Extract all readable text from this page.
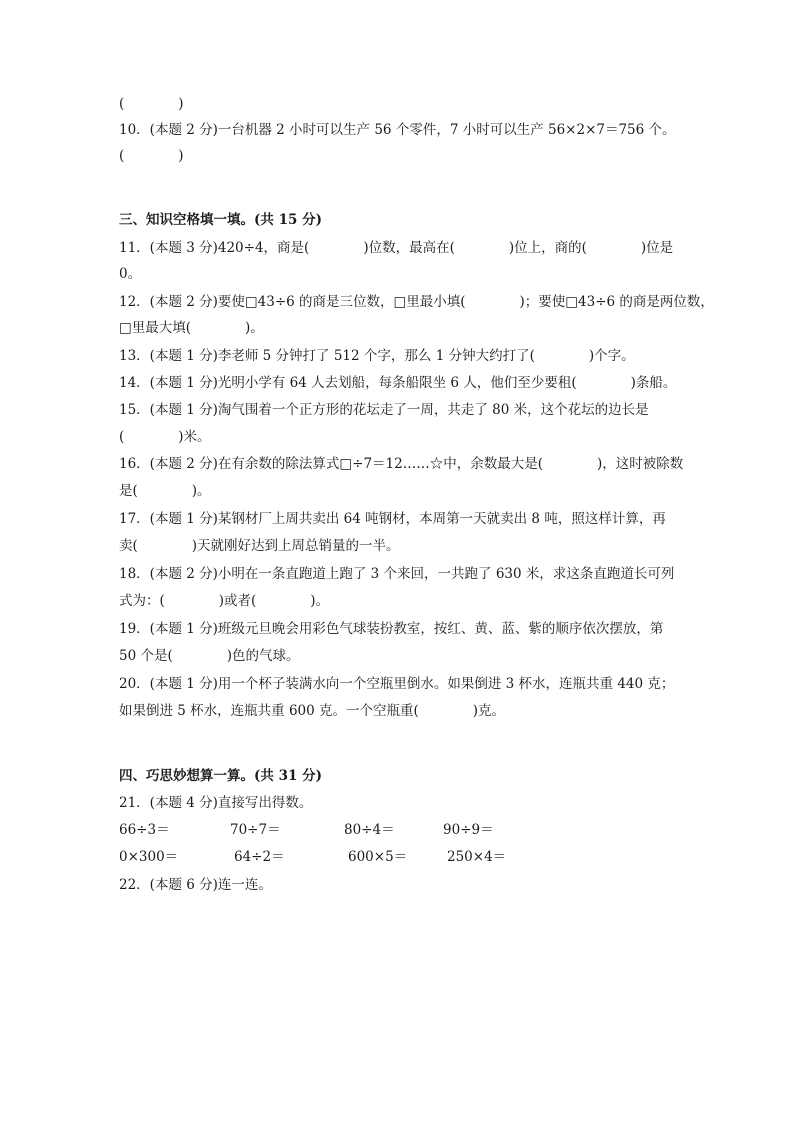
(　　　　)
10．(本题 2 分)一台机器 2 小时可以生产 56 个零件，7 小时可以生产 56×2×7＝756 个。
(　　　　)
三、知识空格填一填。(共 15 分)
11．(本题 3 分)420÷4，商是(　　　　)位数，最高在(　　　　)位上，商的(　　　　)位是
0。
12．(本题 2 分)要使□43÷6 的商是三位数，□里最小填(　　　　)；要使□43÷6 的商是两位数，
□里最大填(　　　　)。
13．(本题 1 分)李老师 5 分钟打了 512 个字，那么 1 分钟大约打了(　　　　)个字。
14．(本题 1 分)光明小学有 64 人去划船，每条船限坐 6 人，他们至少要租(　　　　)条船。
15．(本题 1 分)淘气围着一个正方形的花坛走了一周，共走了 80 米，这个花坛的边长是
(　　　　)米。
16．(本题 2 分)在有余数的除法算式□÷7＝12……☆中，余数最大是(　　　　)，这时被除数
是(　　　　)。
17．(本题 1 分)某钢材厂上周共卖出 64 吨钢材，本周第一天就卖出 8 吨，照这样计算，再
卖(　　　　)天就刚好达到上周总销量的一半。
18．(本题 2 分)小明在一条直跑道上跑了 3 个来回，一共跑了 630 米，求这条直跑道长可列
式为：(　　　　)或者(　　　　)。
19．(本题 1 分)班级元旦晚会用彩色气球装扮教室，按红、黄、蓝、紫的顺序依次摆放，第
50 个是(　　　　)色的气球。
20．(本题 1 分)用一个杯子装满水向一个空瓶里倒水。如果倒进 3 杯水，连瓶共重 440 克；
如果倒进 5 杯水，连瓶共重 600 克。一个空瓶重(　　　　)克。
四、巧思妙想算一算。(共 31 分)
21．(本题 4 分)直接写出得数。
66÷3＝	70÷7＝	80÷4＝	90÷9＝
0×300＝	64÷2＝	600×5＝	250×4＝
22．(本题 6 分)连一连。
